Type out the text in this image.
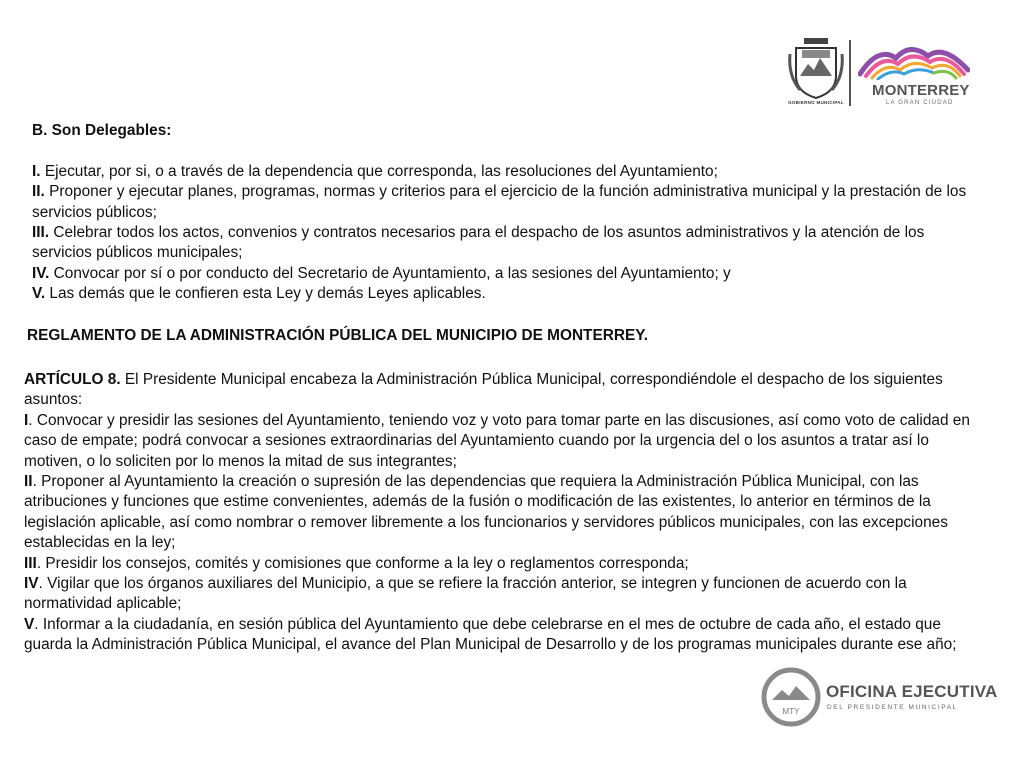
GOBIERNO MUNICIPAL
MONTERREY
LA GRAN CIUDAD

B. Son Delegables:

I. Ejecutar, por si, o a través de la dependencia que corresponda, las resoluciones del Ayuntamiento;

II. Proponer y ejecutar planes, programas, normas y criterios para el ejercicio de la función administrativa municipal y la prestación de los servicios públicos;

III. Celebrar todos los actos, convenios y contratos necesarios para el despacho de los asuntos administrativos y la atención de los servicios públicos municipales;

IV. Convocar por sí o por conducto del Secretario de Ayuntamiento, a las sesiones del Ayuntamiento; y

V. Las demás que le confieren esta Ley y demás Leyes aplicables.

REGLAMENTO DE LA ADMINISTRACIÓN PÚBLICA DEL MUNICIPIO DE MONTERREY.

ARTÍCULO 8. El Presidente Municipal encabeza la Administración Pública Municipal, correspondiéndole el despacho de los siguientes asuntos:

I. Convocar y presidir las sesiones del Ayuntamiento, teniendo voz y voto para tomar parte en las discusiones, así como voto de calidad en caso de empate; podrá convocar a sesiones extraordinarias del Ayuntamiento cuando por la urgencia del o los asuntos a tratar así lo motiven, o lo soliciten por lo menos la mitad de sus integrantes;

II. Proponer al Ayuntamiento la creación o supresión de las dependencias que requiera la Administración Pública Municipal, con las atribuciones y funciones que estime convenientes, además de la fusión o modificación de las existentes, lo anterior en términos de la legislación aplicable, así como nombrar o remover libremente a los funcionarios y servidores públicos municipales, con las excepciones establecidas en la ley;

III. Presidir los consejos, comités y comisiones que conforme a la ley o reglamentos corresponda;

IV. Vigilar que los órganos auxiliares del Municipio, a que se refiere la fracción anterior, se integren y funcionen de acuerdo con la normatividad aplicable;

V. Informar a la ciudadanía, en sesión pública del Ayuntamiento que debe celebrarse en el mes de octubre de cada año, el estado que guarda la Administración Pública Municipal, el avance del Plan Municipal de Desarrollo y de los programas municipales durante ese año;

MTY
OFICINA EJECUTIVA
DEL PRESIDENTE MUNICIPAL
